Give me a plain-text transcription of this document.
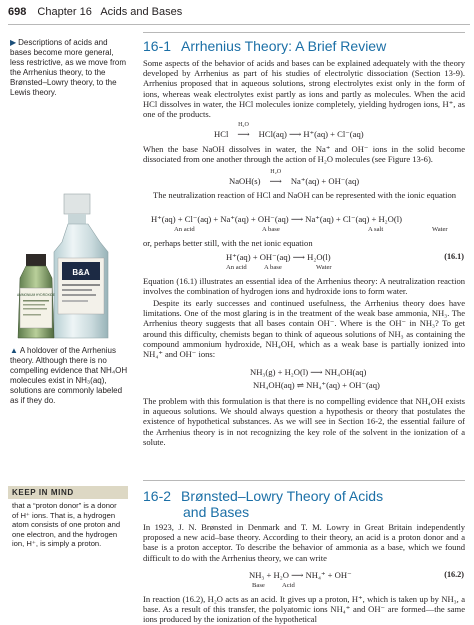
698 Chapter 16 Acids and Bases
▶ Descriptions of acids and bases become more general, less restrictive, as we move from the Arrhenius theory, to the Brønsted–Lowry theory, to the Lewis theory.
B&A
AMMONIUM HYDROXIDE
▲ A holdover of the Arrhenius theory. Although there is no compelling evidence that NH₄OH molecules exist in NH₃(aq), solutions are commonly labeled as if they do.
KEEP IN MIND
that a “proton donor” is a donor of H⁺ ions. That is, a hydrogen atom consists of one proton and one electron, and the hydrogen ion, H⁺, is simply a proton.
16-1 Arrhenius Theory: A Brief Review
Some aspects of the behavior of acids and bases can be explained adequately with the theory developed by Arrhenius as part of his studies of electrolytic dissociation (Section 13-9). Arrhenius proposed that in aqueous solutions, strong electrolytes exist only in the form of ions, whereas weak electrolytes exist partly as ions and partly as molecules. When the acid HCl dissolves in water, the HCl molecules ionize completely, yielding hydrogen ions, H⁺, as one of the products.
HCl
H₂O
⟶ HCl(aq) ⟶ H⁺(aq) + Cl⁻(aq)
When the base NaOH dissolves in water, the Na⁺ and OH⁻ ions in the solid become dissociated from one another through the action of H₂O molecules (see Figure 13-6).
NaOH(s)
H₂O
⟶ Na⁺(aq) + OH⁻(aq)
The neutralization reaction of HCl and NaOH can be represented with the ionic equation
H⁺(aq) + Cl⁻(aq) + Na⁺(aq) + OH⁻(aq) ⟶ Na⁺(aq) + Cl⁻(aq) + H₂O(l)
An acid	A base	A salt	Water
or, perhaps better still, with the net ionic equation
H⁺(aq) + OH⁻(aq) ⟶ H₂O(l)	(16.1)
An acid	A base	Water
Equation (16.1) illustrates an essential idea of the Arrhenius theory: A neutralization reaction involves the combination of hydrogen ions and hydroxide ions to form water.
Despite its early successes and continued usefulness, the Arrhenius theory does have limitations. One of the most glaring is in the treatment of the weak base ammonia, NH₃. The Arrhenius theory suggests that all bases contain OH⁻. Where is the OH⁻ in NH₃? To get around this difficulty, chemists began to think of aqueous solutions of NH₃ as containing the compound ammonium hydroxide, NH₄OH, which as a weak base is partially ionized into NH₄⁺ and OH⁻ ions:
NH₃(g) + H₂O(l) ⟶ NH₄OH(aq)
NH₄OH(aq) ⇌ NH₄⁺(aq) + OH⁻(aq)
The problem with this formulation is that there is no compelling evidence that NH₄OH exists in aqueous solutions. We should always question a hypothesis or theory that postulates the existence of hypothetical substances. As we will see in Section 16-2, the essential failure of the Arrhenius theory is in not recognizing the key role of the solvent in the ionization of a solute.
16-2 Brønsted–Lowry Theory of Acids
and Bases
In 1923, J. N. Brønsted in Denmark and T. M. Lowry in Great Britain independently proposed a new acid–base theory. According to their theory, an acid is a proton donor and a base is a proton acceptor. To describe the behavior of ammonia as a base, which we found difficult to do with the Arrhenius theory, we can write
NH₃ + H₂O ⟶ NH₄⁺ + OH⁻	(16.2)
Base	Acid
In reaction (16.2), H₂O acts as an acid. It gives up a proton, H⁺, which is taken up by NH₃, a base. As a result of this transfer, the polyatomic ions NH₄⁺ and OH⁻ are formed—the same ions produced by the ionization of the hypothetical
